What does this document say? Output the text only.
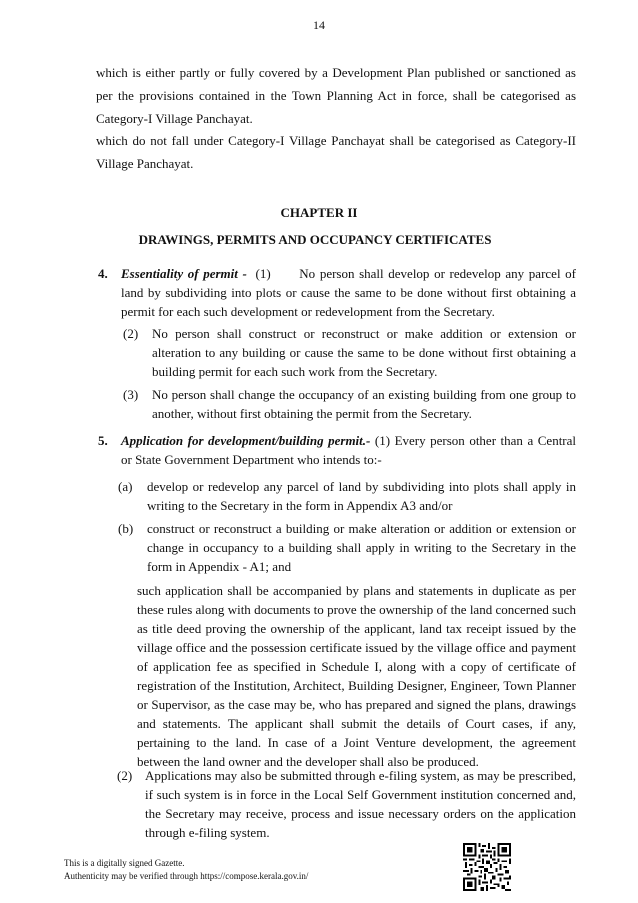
14
which is either partly or fully covered by a Development Plan published or sanctioned as per the provisions contained in the Town Planning Act in force, shall be categorised as Category-I Village Panchayat.
which do not fall under Category-I Village Panchayat shall be categorised as Category-II Village Panchayat.
CHAPTER II
DRAWINGS, PERMITS AND OCCUPANCY CERTIFICATES
4. Essentiality of permit - (1) No person shall develop or redevelop any parcel of land by subdividing into plots or cause the same to be done without first obtaining a permit for each such development or redevelopment from the Secretary.
(2) No person shall construct or reconstruct or make addition or extension or alteration to any building or cause the same to be done without first obtaining a building permit for each such work from the Secretary.
(3) No person shall change the occupancy of an existing building from one group to another, without first obtaining the permit from the Secretary.
5. Application for development/building permit.- (1) Every person other than a Central or State Government Department who intends to:-
(a) develop or redevelop any parcel of land by subdividing into plots shall apply in writing to the Secretary in the form in Appendix A3 and/or
(b) construct or reconstruct a building or make alteration or addition or extension or change in occupancy to a building shall apply in writing to the Secretary in the form in Appendix - A1; and
such application shall be accompanied by plans and statements in duplicate as per these rules along with documents to prove the ownership of the land concerned such as title deed proving the ownership of the applicant, land tax receipt issued by the village office and the possession certificate issued by the village office and payment of application fee as specified in Schedule I, along with a copy of certificate of registration of the Institution, Architect, Building Designer, Engineer, Town Planner or Supervisor, as the case may be, who has prepared and signed the plans, drawings and statements. The applicant shall submit the details of Court cases, if any, pertaining to the land. In case of a Joint Venture development, the agreement between the land owner and the developer shall also be produced.
(2) Applications may also be submitted through e-filing system, as may be prescribed, if such system is in force in the Local Self Government institution concerned and, the Secretary may receive, process and issue necessary orders on the application through e-filing system.
This is a digitally signed Gazette.
Authenticity may be verified through https://compose.kerala.gov.in/
